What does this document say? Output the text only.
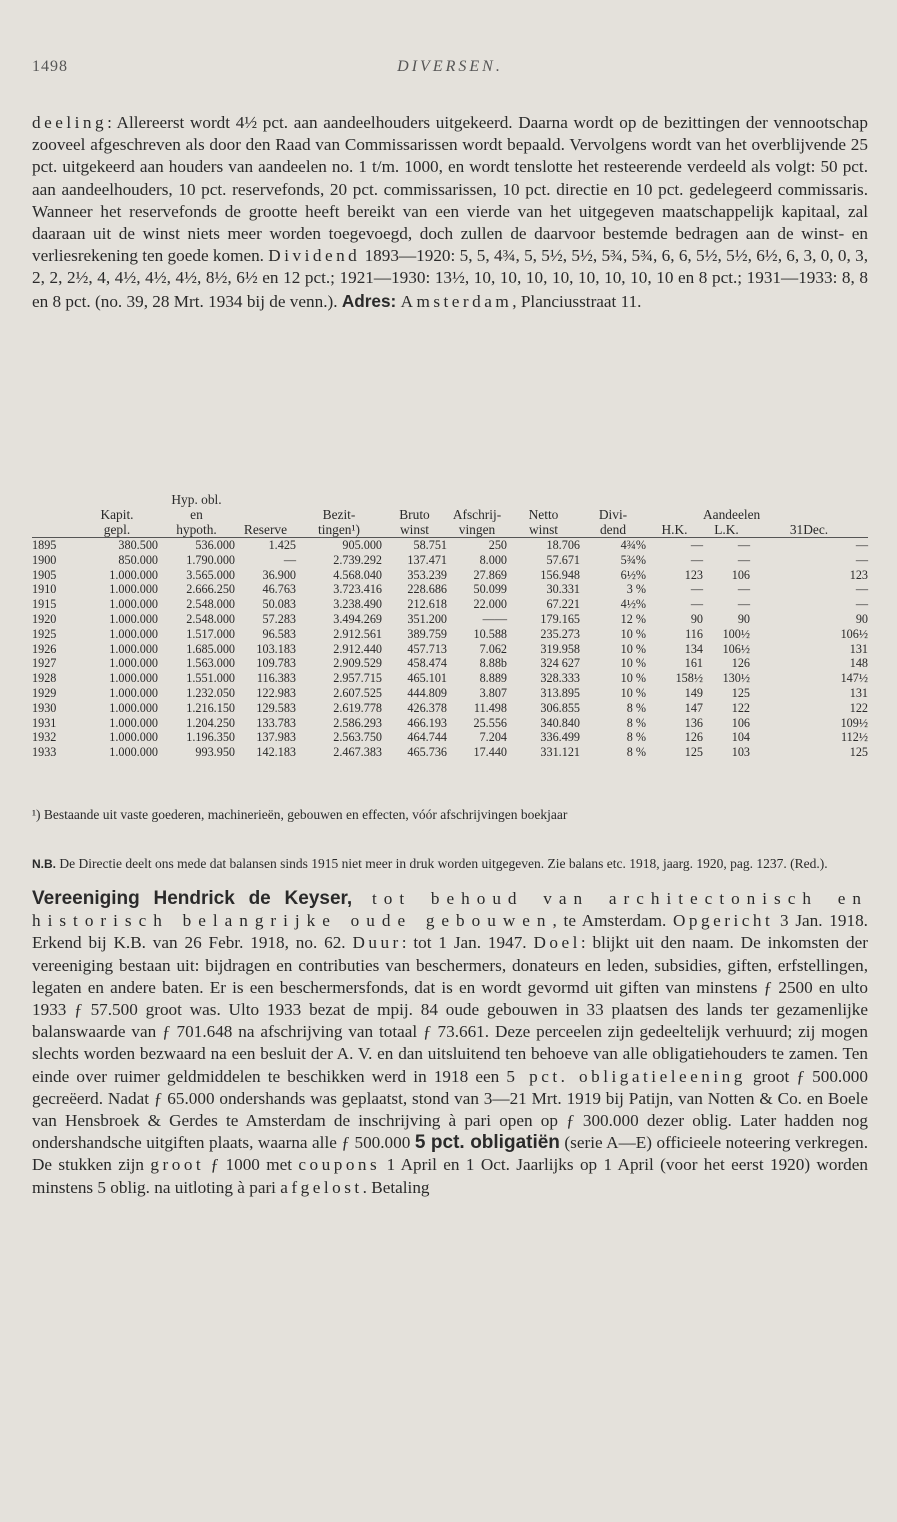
1498	DIVERSEN.

deeling: Allereerst wordt 4½ pct. aan aandeelhouders uitgekeerd. Daarna wordt op de bezittingen der vennootschap zooveel afgeschreven als door den Raad van Commissarissen wordt bepaald. Vervolgens wordt van het overblijvende 25 pct. uitgekeerd aan houders van aandeelen no. 1 t/m. 1000, en wordt tenslotte het resteerende verdeeld als volgt: 50 pct. aan aandeelhouders, 10 pct. reservefonds, 20 pct. commissarissen, 10 pct. directie en 10 pct. gedelegeerd commissaris. Wanneer het reservefonds de grootte heeft bereikt van een vierde van het uitgegeven maatschappelijk kapitaal, zal daaraan uit de winst niets meer worden toegevoegd, doch zullen de daarvoor bestemde bedragen aan de winst- en verliesrekening ten goede komen. Dividend 1893—1920: 5, 5, 4¾, 5, 5½, 5½, 5¾, 5¾, 6, 6, 5½, 5½, 6½, 6, 3, 0, 0, 3, 2, 2, 2½, 4, 4½, 4½, 4½, 8½, 6½ en 12 pct.; 1921—1930: 13½, 10, 10, 10, 10, 10, 10, 10, 10 en 8 pct.; 1931—1933: 8, 8 en 8 pct. (no. 39, 28 Mrt. 1934 bij de venn.). Adres: Amsterdam, Planciusstraat 11.

		Hyp. obl.									
	Kapit.	en		Bezit-	Bruto	Afschrij-	Netto	Divi-		Aandeelen	
	gepl.	hypoth.	Reserve	tingen¹)	winst	vingen	winst	dend	H.K.	L.K.	31Dec.
1895	380.500	536.000	1.425	905.000	58.751	250	18.706	4¾%	—	—	—
1900	850.000	1.790.000	—	2.739.292	137.471	8.000	57.671	5¾%	—	—	—
1905	1.000.000	3.565.000	36.900	4.568.040	353.239	27.869	156.948	6½%	123	106	123
1910	1.000.000	2.666.250	46.763	3.723.416	228.686	50.099	30.331	3 %	—	—	—
1915	1.000.000	2.548.000	50.083	3.238.490	212.618	22.000	67.221	4½%	—	—	—
1920	1.000.000	2.548.000	57.283	3.494.269	351.200	——	179.165	12 %	90	90	90
1925	1.000.000	1.517.000	96.583	2.912.561	389.759	10.588	235.273	10 %	116	100½	106½
1926	1.000.000	1.685.000	103.183	2.912.440	457.713	7.062	319.958	10 %	134	106½	131
1927	1.000.000	1.563.000	109.783	2.909.529	458.474	8.88b	324 627	10 %	161	126	148
1928	1.000.000	1.551.000	116.383	2.957.715	465.101	8.889	328.333	10 %	158½	130½	147½
1929	1.000.000	1.232.050	122.983	2.607.525	444.809	3.807	313.895	10 %	149	125	131
1930	1.000.000	1.216.150	129.583	2.619.778	426.378	11.498	306.855	8 %	147	122	122
1931	1.000.000	1.204.250	133.783	2.586.293	466.193	25.556	340.840	8 %	136	106	109½
1932	1.000.000	1.196.350	137.983	2.563.750	464.744	7.204	336.499	8 %	126	104	112½
1933	1.000.000	993.950	142.183	2.467.383	465.736	17.440	331.121	8 %	125	103	125
¹) Bestaande uit vaste goederen, machinerieën, gebouwen en effecten, vóór afschrijvingen boekjaar
N.B. De Directie deelt ons mede dat balansen sinds 1915 niet meer in druk worden uitgegeven. Zie balans etc. 1918, jaarg. 1920, pag. 1237. (Red.).

Vereeniging Hendrick de Keyser, tot behoud van architectonisch en historisch belangrijke oude gebouwen, te Amsterdam. Opgericht 3 Jan. 1918. Erkend bij K.B. van 26 Febr. 1918, no. 62. Duur: tot 1 Jan. 1947. Doel: blijkt uit den naam. De inkomsten der vereeniging bestaan uit: bijdragen en contributies van beschermers, donateurs en leden, subsidies, giften, erfstellingen, legaten en andere baten. Er is een beschermersfonds, dat is en wordt gevormd uit giften van minstens ƒ 2500 en ulto 1933 ƒ 57.500 groot was. Ulto 1933 bezat de mpij. 84 oude gebouwen in 33 plaatsen des lands ter gezamenlijke balanswaarde van ƒ 701.648 na afschrijving van totaal ƒ 73.661. Deze perceelen zijn gedeeltelijk verhuurd; zij mogen slechts worden bezwaard na een besluit der A. V. en dan uitsluitend ten behoeve van alle obligatiehouders te zamen. Ten einde over ruimer geldmiddelen te beschikken werd in 1918 een 5 pct. obligatieleening groot ƒ 500.000 gecreëerd. Nadat ƒ 65.000 ondershands was geplaatst, stond van 3—21 Mrt. 1919 bij Patijn, van Notten & Co. en Boele van Hensbroek & Gerdes te Amsterdam de inschrijving à pari open op ƒ 300.000 dezer oblig. Later hadden nog ondershandsche uitgiften plaats, waarna alle ƒ 500.000 5 pct. obligatiën (serie A—E) officieele noteering verkregen. De stukken zijn groot ƒ 1000 met coupons 1 April en 1 Oct. Jaarlijks op 1 April (voor het eerst 1920) worden minstens 5 oblig. na uitloting à pari afgelost. Betaling
